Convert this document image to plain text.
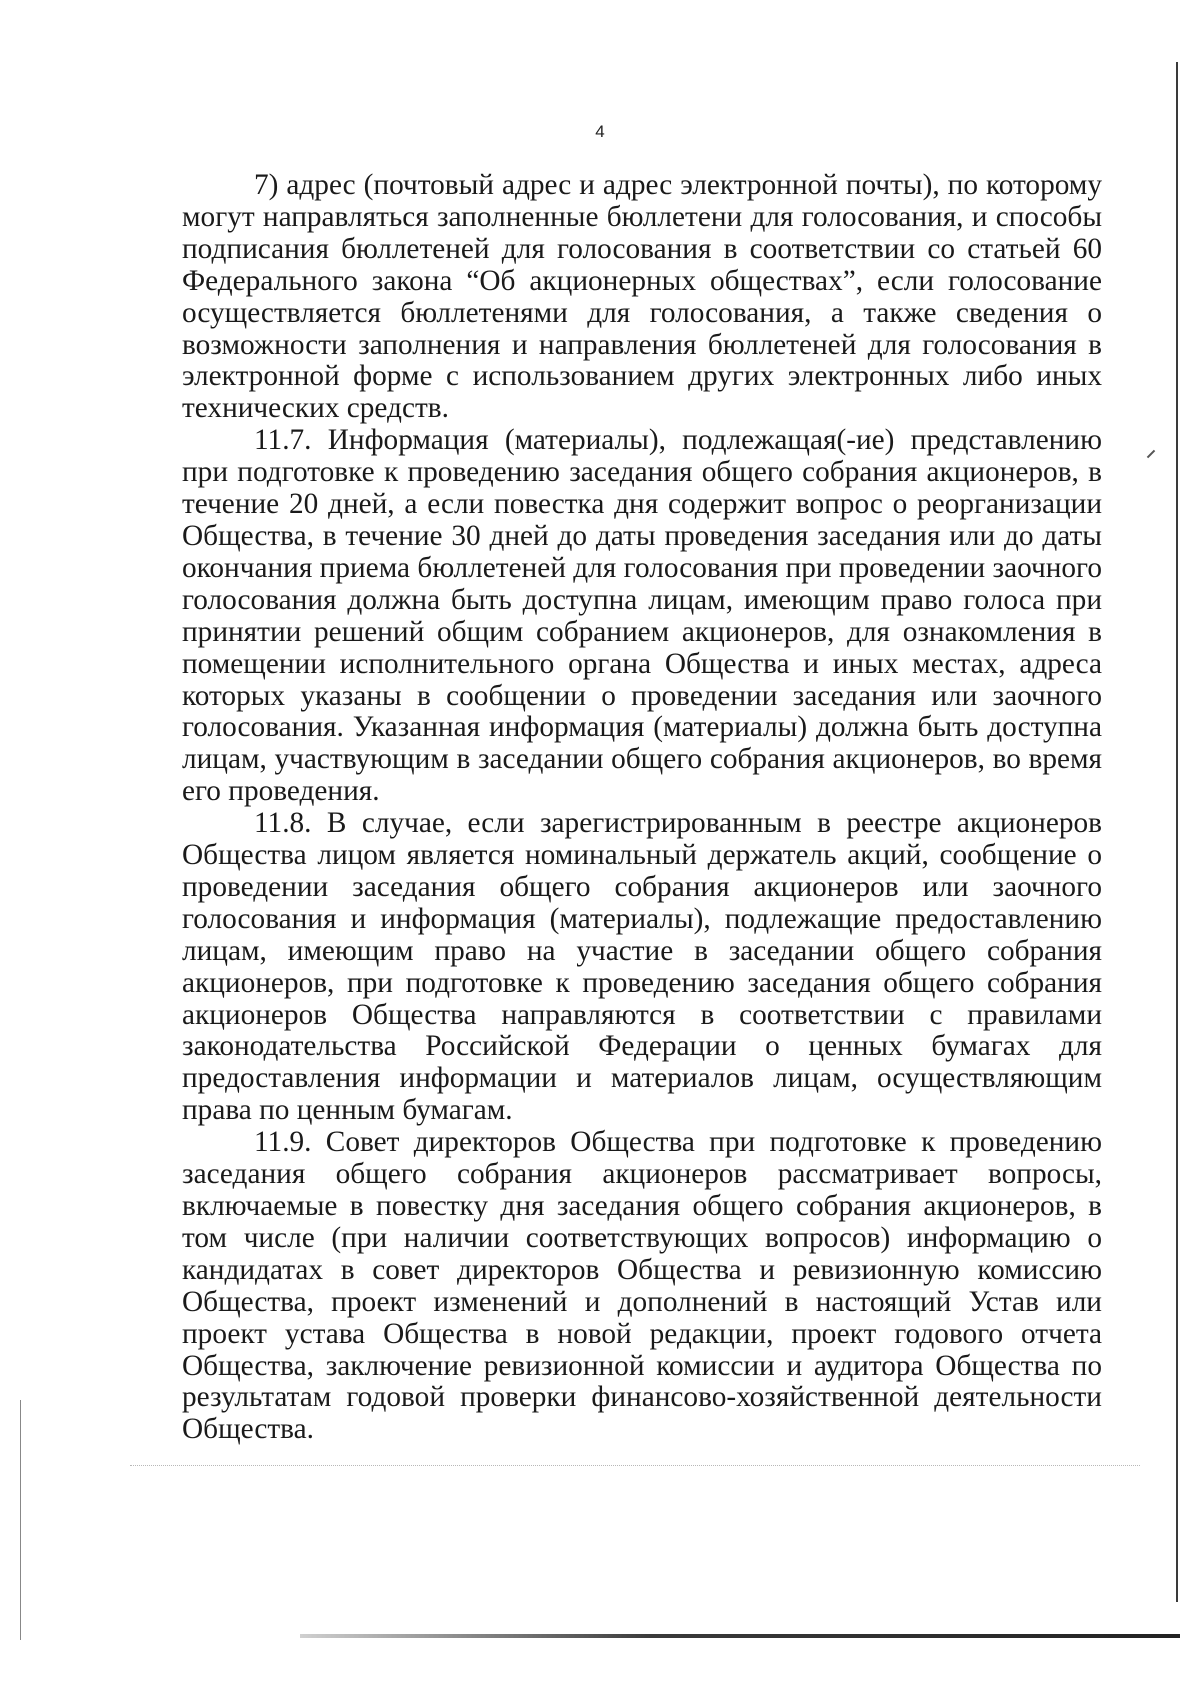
4

7) адрес (почтовый адрес и адрес электронной почты), по которому могут направляться заполненные бюллетени для голосования, и способы подписания бюллетеней для голосования в соответствии со статьей 60 Федерального закона “Об акционерных обществах”, если голосование осуществляется бюллетенями для голосования, а также сведения о возможности заполнения и направления бюллетеней для голосования в электронной форме с использованием других электронных либо иных технических средств.

11.7. Информация (материалы), подлежащая(-ие) представлению при подготовке к проведению заседания общего собрания акционеров, в течение 20 дней, а если повестка дня содержит вопрос о реорганизации Общества, в течение 30 дней до даты проведения заседания или до даты окончания приема бюллетеней для голосования при проведении заочного голосования должна быть доступна лицам, имеющим право голоса при принятии решений общим собранием акционеров, для ознакомления в помещении исполнительного органа Общества и иных местах, адреса которых указаны в сообщении о проведении заседания или заочного голосования. Указанная информация (материалы) должна быть доступна лицам, участвующим в заседании общего собрания акционеров, во время его проведения.

11.8. В случае, если зарегистрированным в реестре акционеров Общества лицом является номинальный держатель акций, сообщение о проведении заседания общего собрания акционеров или заочного голосования и информация (материалы), подлежащие предоставлению лицам, имеющим право на участие в заседании общего собрания акционеров, при подготовке к проведению заседания общего собрания акционеров Общества направляются в соответствии с правилами законодательства Российской Федерации о ценных бумагах для предоставления информации и материалов лицам, осуществляющим права по ценным бумагам.

11.9. Совет директоров Общества при подготовке к проведению заседания общего собрания акционеров рассматривает вопросы, включаемые в повестку дня заседания общего собрания акционеров, в том числе (при наличии соответствующих вопросов) информацию о кандидатах в совет директоров Общества и ревизионную комиссию Общества, проект изменений и дополнений в настоящий Устав или проект устава Общества в новой редакции, проект годового отчета Общества, заключение ревизионной комиссии и аудитора Общества по результатам годовой проверки финансово-хозяйственной деятельности Общества.
